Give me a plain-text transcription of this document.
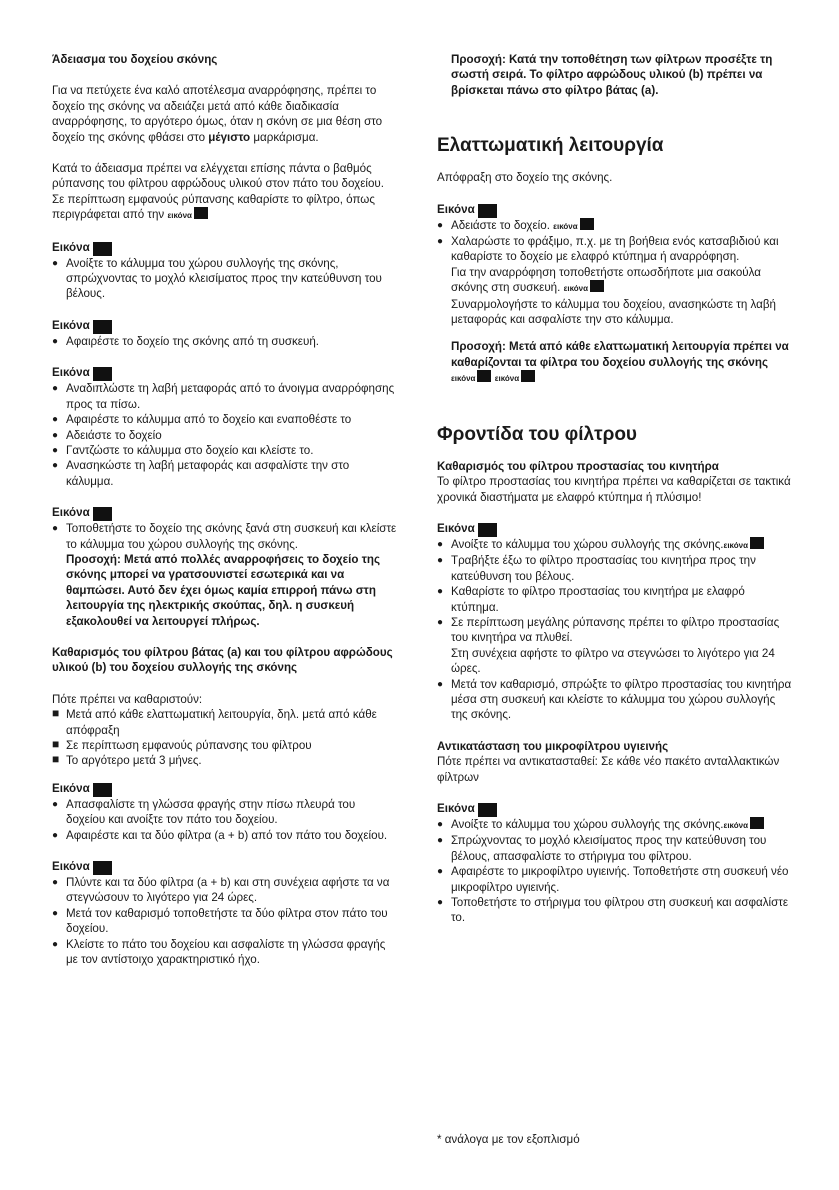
Άδειασμα του δοχείου σκόνης

Για να πετύχετε ένα καλό αποτέλεσμα αναρρόφησης, πρέπει το δοχείο της σκόνης να αδειάζει μετά από κάθε διαδικασία αναρρόφησης, το αργότερο όμως, όταν η σκόνη σε μια θέση στο δοχείο της σκόνης φθάσει στο μέγιστο μαρκάρισμα.

Κατά το άδειασμα πρέπει να ελέγχεται επίσης πάντα ο βαθμός ρύπανσης του φίλτρου αφρώδους υλικού στον πάτο του δοχείου.

Σε περίπτωση εμφανούς ρύπανσης καθαρίστε το φίλτρο, όπως περιγράφεται από την εικόνα

Εικόνα
● Ανοίξτε το κάλυμμα του χώρου συλλογής της σκόνης, σπρώχνοντας το μοχλό κλεισίματος προς την κατεύθυνση του βέλους.
Εικόνα
● Αφαιρέστε το δοχείο της σκόνης από τη συσκευή.
Εικόνα
● Αναδιπλώστε τη λαβή μεταφοράς από το άνοιγμα αναρρόφησης προς τα πίσω.
● Αφαιρέστε το κάλυμμα από το δοχείο και εναποθέστε το
● Αδειάστε το δοχείο
● Γαντζώστε το κάλυμμα στο δοχείο και κλείστε το.
● Ανασηκώστε τη λαβή μεταφοράς και ασφαλίστε την στο κάλυμμα.
Εικόνα
● Τοποθετήστε το δοχείο της σκόνης ξανά στη συσκευή και κλείστε το κάλυμμα του χώρου συλλογής της σκόνης.

Προσοχή: Μετά από πολλές αναρροφήσεις το δοχείο της σκόνης μπορεί να γρατσουνιστεί εσωτερικά και να θαμπώσει. Αυτό δεν έχει όμως καμία επιρροή πάνω στη λειτουργία της ηλεκτρικής σκούπας, δηλ. η συσκευή εξακολουθεί να λειτουργεί πλήρως.

Καθαρισμός του φίλτρου βάτας (a) και του φίλτρου αφρώδους υλικού (b) του δοχείου συλλογής της σκόνης

Πότε πρέπει να καθαριστούν:

■ Μετά από κάθε ελαττωματική λειτουργία, δηλ. μετά από κάθε απόφραξη
■ Σε περίπτωση εμφανούς ρύπανσης του φίλτρου
■ Το αργότερο μετά 3 μήνες.
Εικόνα
● Απασφαλίστε τη γλώσσα φραγής στην πίσω πλευρά του δοχείου και ανοίξτε τον πάτο του δοχείου.
● Αφαιρέστε και τα δύο φίλτρα (a + b) από τον πάτο του δοχείου.
Εικόνα
● Πλύντε και τα δύο φίλτρα (a + b) και στη συνέχεια αφήστε τα να στεγνώσουν το λιγότερο για 24 ώρες.
● Μετά τον καθαρισμό τοποθετήστε τα δύο φίλτρα στον πάτο του δοχείου.
● Κλείστε το πάτο του δοχείου και ασφαλίστε τη γλώσσα φραγής με τον αντίστοιχο χαρακτηριστικό ήχο.

Προσοχή: Κατά την τοποθέτηση των φίλτρων προσέξτε τη σωστή σειρά. Το φίλτρο αφρώδους υλικού (b) πρέπει να βρίσκεται πάνω στο φίλτρο βάτας (a).

Ελαττωματική λειτουργία

Απόφραξη στο δοχείο της σκόνης.

Εικόνα
● Αδειάστε το δοχείο. εικόνα
● Χαλαρώστε το φράξιμο, π.χ. με τη βοήθεια ενός κατσαβιδιού και καθαρίστε το δοχείο με ελαφρό κτύπημα ή αναρρόφηση.

Για την αναρρόφηση τοποθετήστε οπωσδήποτε μια σακούλα σκόνης στη συσκευή. εικόνα

Συναρμολογήστε το κάλυμμα του δοχείου, ανασηκώστε τη λαβή μεταφοράς και ασφαλίστε την στο κάλυμμα.

Προσοχή: Μετά από κάθε ελαττωματική λειτουργία πρέπει να καθαρίζονται τα φίλτρα του δοχείου συλλογής της σκόνης εικόνα εικόνα

Φροντίδα του φίλτρου

Καθαρισμός του φίλτρου προστασίας του κινητήρα

Το φίλτρο προστασίας του κινητήρα πρέπει να καθαρίζεται σε τακτικά χρονικά διαστήματα με ελαφρό κτύπημα ή πλύσιμο!

Εικόνα
● Ανοίξτε το κάλυμμα του χώρου συλλογής της σκόνης.εικόνα
● Τραβήξτε έξω το φίλτρο προστασίας του κινητήρα προς την κατεύθυνση του βέλους.
● Καθαρίστε το φίλτρο προστασίας του κινητήρα με ελαφρό κτύπημα.
● Σε περίπτωση μεγάλης ρύπανσης πρέπει το φίλτρο προστασίας του κινητήρα να πλυθεί.
Στη συνέχεια αφήστε το φίλτρο να στεγνώσει το λιγότερο για 24 ώρες.
● Μετά τον καθαρισμό, σπρώξτε το φίλτρο προστασίας του κινητήρα μέσα στη συσκευή και κλείστε το κάλυμμα του χώρου συλλογής της σκόνης.

Αντικατάσταση του μικροφίλτρου υγιεινής

Πότε πρέπει να αντικατασταθεί: Σε κάθε νέο πακέτο ανταλλακτικών φίλτρων

Εικόνα
● Ανοίξτε το κάλυμμα του χώρου συλλογής της σκόνης.εικόνα
● Σπρώχνοντας το μοχλό κλεισίματος προς την κατεύθυνση του βέλους, απασφαλίστε το στήριγμα του φίλτρου.
● Αφαιρέστε το μικροφίλτρο υγιεινής. Τοποθετήστε στη συσκευή νέο μικροφίλτρο υγιεινής.
● Τοποθετήστε το στήριγμα του φίλτρου στη συσκευή και ασφαλίστε το.
* ανάλογα με τον εξοπλισμό
